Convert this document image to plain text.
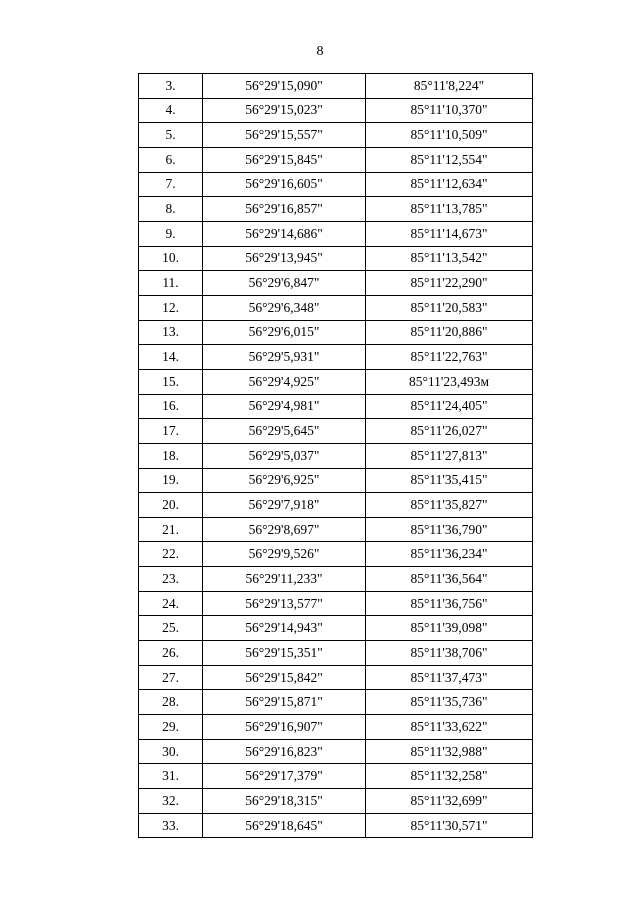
8
3.	56°29'15,090"	85°11'8,224"
4.	56°29'15,023"	85°11'10,370"
5.	56°29'15,557"	85°11'10,509"
6.	56°29'15,845"	85°11'12,554"
7.	56°29'16,605"	85°11'12,634"
8.	56°29'16,857"	85°11'13,785"
9.	56°29'14,686"	85°11'14,673"
10.	56°29'13,945"	85°11'13,542"
11.	56°29'6,847"	85°11'22,290"
12.	56°29'6,348"	85°11'20,583"
13.	56°29'6,015"	85°11'20,886"
14.	56°29'5,931"	85°11'22,763"
15.	56°29'4,925"	85°11'23,493м
16.	56°29'4,981"	85°11'24,405"
17.	56°29'5,645"	85°11'26,027"
18.	56°29'5,037"	85°11'27,813"
19.	56°29'6,925"	85°11'35,415"
20.	56°29'7,918"	85°11'35,827"
21.	56°29'8,697"	85°11'36,790"
22.	56°29'9,526"	85°11'36,234"
23.	56°29'11,233"	85°11'36,564"
24.	56°29'13,577"	85°11'36,756"
25.	56°29'14,943"	85°11'39,098"
26.	56°29'15,351"	85°11'38,706"
27.	56°29'15,842"	85°11'37,473"
28.	56°29'15,871"	85°11'35,736"
29.	56°29'16,907"	85°11'33,622"
30.	56°29'16,823"	85°11'32,988"
31.	56°29'17,379"	85°11'32,258"
32.	56°29'18,315"	85°11'32,699"
33.	56°29'18,645"	85°11'30,571"
